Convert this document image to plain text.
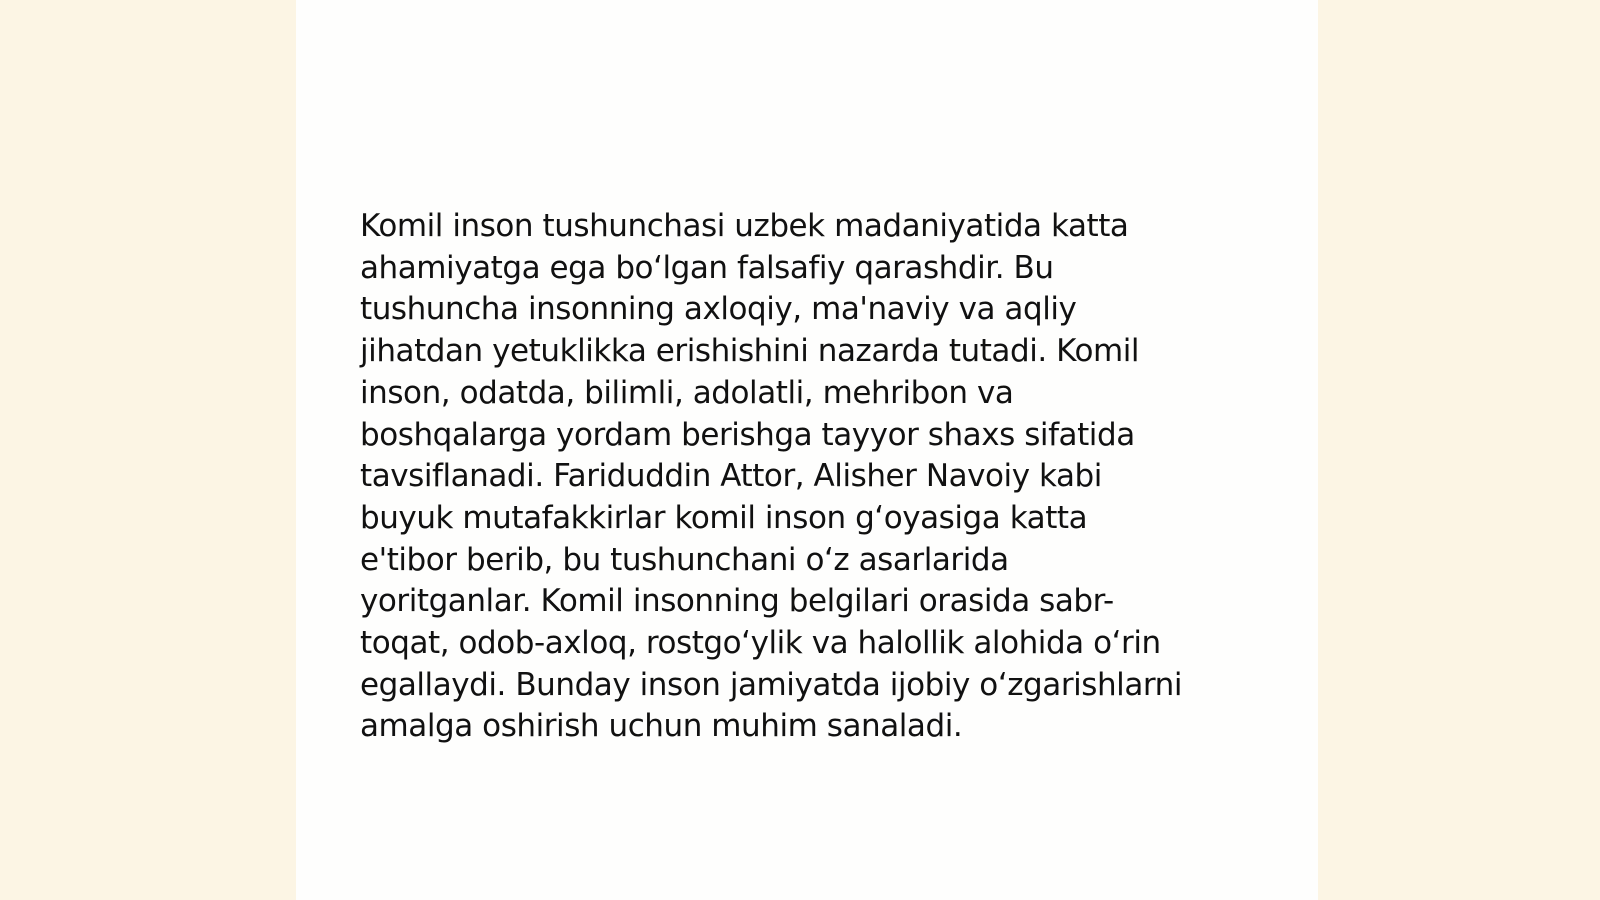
Komil inson tushunchasi uzbek madaniyatida katta
ahamiyatga ega bo‘lgan falsafiy qarashdir. Bu
tushuncha insonning axloqiy, ma'naviy va aqliy
jihatdan yetuklikka erishishini nazarda tutadi. Komil
inson, odatda, bilimli, adolatli, mehribon va
boshqalarga yordam berishga tayyor shaxs sifatida
tavsiflanadi. Fariduddin Attor, Alisher Navoiy kabi
buyuk mutafakkirlar komil inson g‘oyasiga katta
e'tibor berib, bu tushunchani o‘z asarlarida
yoritganlar. Komil insonning belgilari orasida sabr-
toqat, odob-axloq, rostgo‘ylik va halollik alohida o‘rin
egallaydi. Bunday inson jamiyatda ijobiy o‘zgarishlarni
amalga oshirish uchun muhim sanaladi.
